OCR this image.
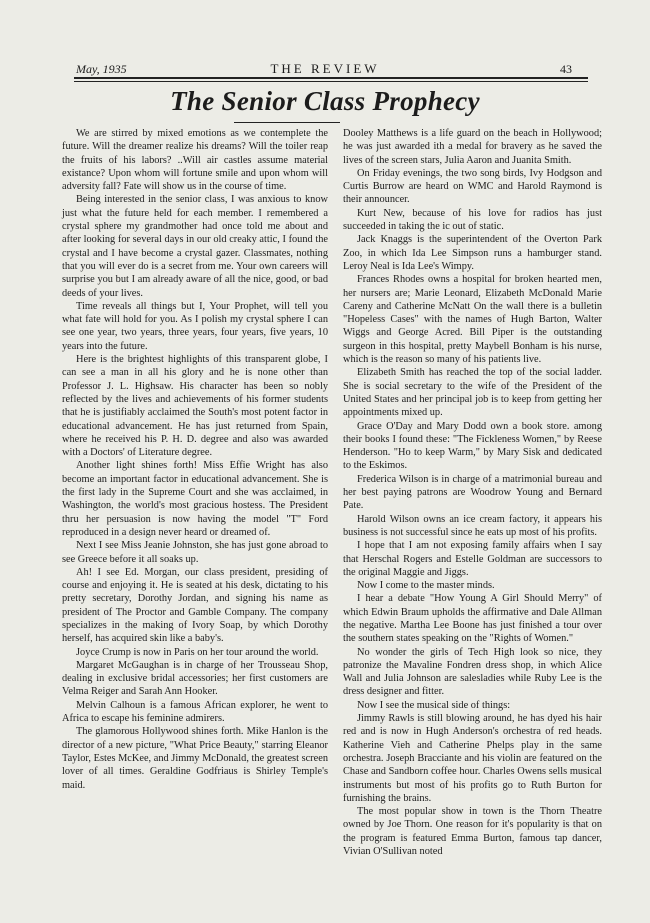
May, 1935	THE REVIEW	43
The Senior Class Prophecy

We are stirred by mixed emotions as we contemplete the future. Will the dreamer realize his dreams? Will the toiler reap the fruits of his labors? ..Will air castles assume material existance? Upon whom will fortune smile and upon whom will adversity fall? Fate will show us in the course of time.

Being interested in the senior class, I was anxious to know just what the future held for each member. I remembered a crystal sphere my grandmother had once told me about and after looking for several days in our old creaky attic, I found the crystal and I have become a crystal gazer. Classmates, nothing that you will ever do is a secret from me. Your own careers will surprise you but I am already aware of all the nice, good, or bad deeds of your lives.

Time reveals all things but I, Your Prophet, will tell you what fate will hold for you. As I polish my crystal sphere I can see one year, two years, three years, four years, five years, 10 years into the future.

Here is the brightest highlights of this transparent globe, I can see a man in all his glory and he is none other than Professor J. L. Highsaw. His character has been so nobly reflected by the lives and achievements of his former students that he is justifiably acclaimed the South's most potent factor in educational advancement. He has just returned from Spain, where he received his P. H. D. degree and also was awarded with a Doctors' of Literature degree.

Another light shines forth! Miss Effie Wright has also become an important factor in educational advancement. She is the first lady in the Supreme Court and she was acclaimed, in Washington, the world's most gracious hostess. The President thru her persuasion is now having the model "T" Ford reproduced in a design never heard or dreamed of.

Next I see Miss Jeanie Johnston, she has just gone abroad to see Greece before it all soaks up.

Ah! I see Ed. Morgan, our class president, presiding of course and enjoying it. He is seated at his desk, dictating to his pretty secretary, Dorothy Jordan, and signing his name as president of The Proctor and Gamble Company. The company specializes in the making of Ivory Soap, by which Dorothy herself, has acquired skin like a baby's.

Joyce Crump is now in Paris on her tour around the world.

Margaret McGaughan is in charge of her Trousseau Shop, dealing in exclusive bridal accessories; her first customers are Velma Reiger and Sarah Ann Hooker.

Melvin Calhoun is a famous African explorer, he went to Africa to escape his feminine admirers.

The glamorous Hollywood shines forth. Mike Hanlon is the director of a new picture, "What Price Beauty," starring Eleanor Taylor, Estes McKee, and Jimmy McDonald, the greatest screen lover of all times. Geraldine Godfriaus is Shirley Temple's maid.

Dooley Matthews is a life guard on the beach in Hollywood; he was just awarded ith a medal for bravery as he saved the lives of the screen stars, Julia Aaron and Juanita Smith.

On Friday evenings, the two song birds, Ivy Hodgson and Curtis Burrow are heard on WMC and Harold Raymond is their announcer.

Kurt New, because of his love for radios has just succeeded in taking the ic out of static.

Jack Knaggs is the superintendent of the Overton Park Zoo, in which Ida Lee Simpson runs a hamburger stand. Leroy Neal is Ida Lee's Wimpy.

Frances Rhodes owns a hospital for broken hearted men, her nursers are; Marie Leonard, Elizabeth McDonald Marie Careny and Catherine McNatt On the wall there is a bulletin "Hopeless Cases" with the names of Hugh Barton, Walter Wiggs and George Acred. Bill Piper is the outstanding surgeon in this hospital, pretty Maybell Bonham is his nurse, which is the reason so many of his patients live.

Elizabeth Smith has reached the top of the social ladder. She is social secretary to the wife of the President of the United States and her principal job is to keep from getting her appointments mixed up.

Grace O'Day and Mary Dodd own a book store. among their books I found these: "The Fickleness Women," by Reese Henderson. "Ho to keep Warm," by Mary Sisk and dedicated to the Eskimos.

Frederica Wilson is in charge of a matrimonial bureau and her best paying patrons are Woodrow Young and Bernard Pate.

Harold Wilson owns an ice cream factory, it appears his business is not successful since he eats up most of his profits.

I hope that I am not exposing family affairs when I say that Herschal Rogers and Estelle Goldman are successors to the original Maggie and Jiggs.

Now I come to the master minds.

I hear a debate "How Young A Girl Should Merry" of which Edwin Braum upholds the affirmative and Dale Allman the negative. Martha Lee Boone has just finished a tour over the southern states speaking on the "Rights of Women."

No wonder the girls of Tech High look so nice, they patronize the Mavaline Fondren dress shop, in which Alice Wall and Julia Johnson are salesladies while Ruby Lee is the dress designer and fitter.

Now I see the musical side of things:

Jimmy Rawls is still blowing around, he has dyed his hair red and is now in Hugh Anderson's orchestra of red heads. Katherine Vieh and Catherine Phelps play in the same orchestra. Joseph Bracciante and his violin are featured on the Chase and Sandborn coffee hour. Charles Owens sells musical instruments but most of his profits go to Ruth Burton for furnishing the brains.

The most popular show in town is the Thorn Theatre owned by Joe Thorn. One reason for it's popularity is that on the program is featured Emma Burton, famous tap dancer, Vivian O'Sullivan noted
